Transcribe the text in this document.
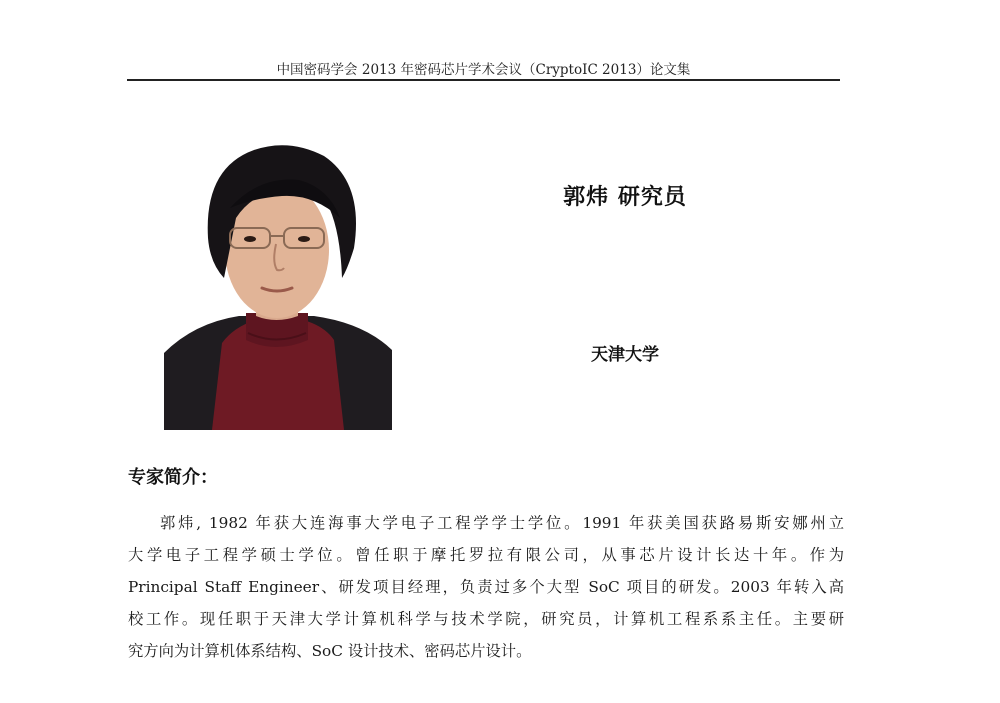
中国密码学会 2013 年密码芯片学术会议（CryptoIC 2013）论文集
郭炜 研究员
天津大学
专家简介：
郭炜, 1982 年获大连海事大学电子工程学学士学位。1991 年获美国获路易斯安娜州立
大学电子工程学硕士学位。曾任职于摩托罗拉有限公司，从事芯片设计长达十年。作为
Principal Staff Engineer、研发项目经理，负责过多个大型 SoC 项目的研发。2003 年转入高
校工作。现任职于天津大学计算机科学与技术学院，研究员，计算机工程系系主任。主要研
究方向为计算机体系结构、SoC 设计技术、密码芯片设计。
